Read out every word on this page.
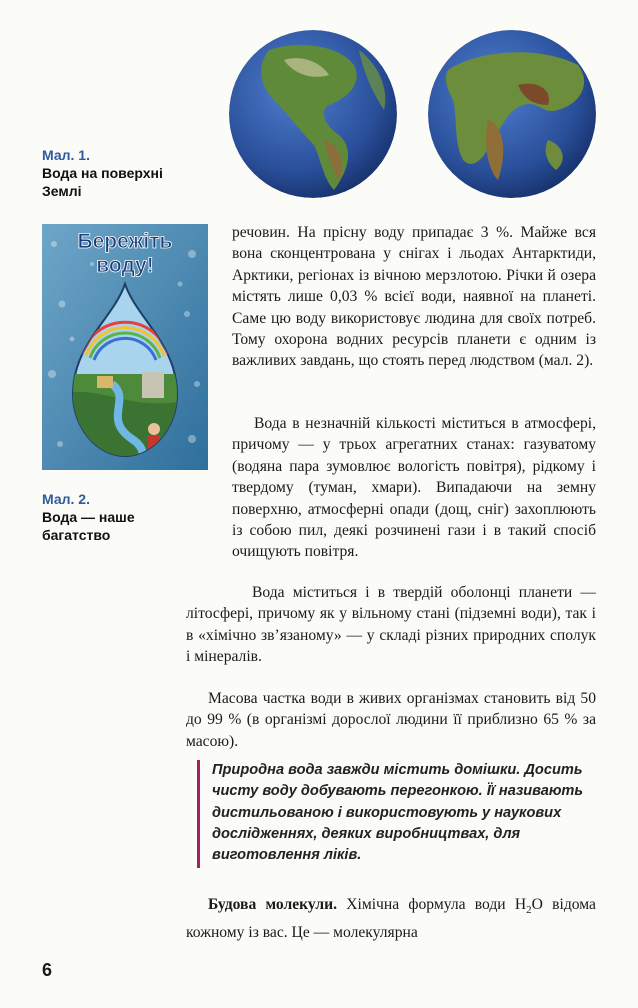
Мал. 1.
Вода на поверхні
Землі
Бережіть
воду!
Мал. 2.
Вода — наше
багатство

речовин. На прісну воду припадає 3 %. Майже вся вона сконцентрована у снігах і льодах Антарктиди, Арктики, регіонах із вічною мерзлотою. Річки й озера містять лише 0,03 % всієї води, наявної на планеті. Саме цю воду використовує людина для своїх потреб. Тому охорона водних ресурсів планети є одним із важливих завдань, що стоять перед людством (мал. 2).

Вода в незначній кількості міститься в атмосфері, причому — у трьох агрегатних станах: газуватому (водяна пара зумовлює вологість повітря), рідкому і твердому (туман, хмари). Випадаючи на земну поверхню, атмосферні опади (дощ, сніг) захоплюють із собою пил, деякі розчинені гази і в такий спосіб очищують повітря.

Вода міститься і в твердій оболонці планети — літосфері, причому як у вільному стані (підземні води), так і в «хімічно зв’язаному» — у складі різних природних сполук і мінералів.

Масова частка води в живих організмах становить від 50 до 99 % (в організмі дорослої людини її приблизно 65 % за масою).

Природна вода завжди містить домішки. Досить чисту воду добувають перегонкою. Її називають дистильованою і використовують у наукових дослідженнях, деяких виробництвах, для виготовлення ліків.

Будова молекули. Хімічна формула води $H_2O$ відома кожному із вас. Це — молекулярна

6
